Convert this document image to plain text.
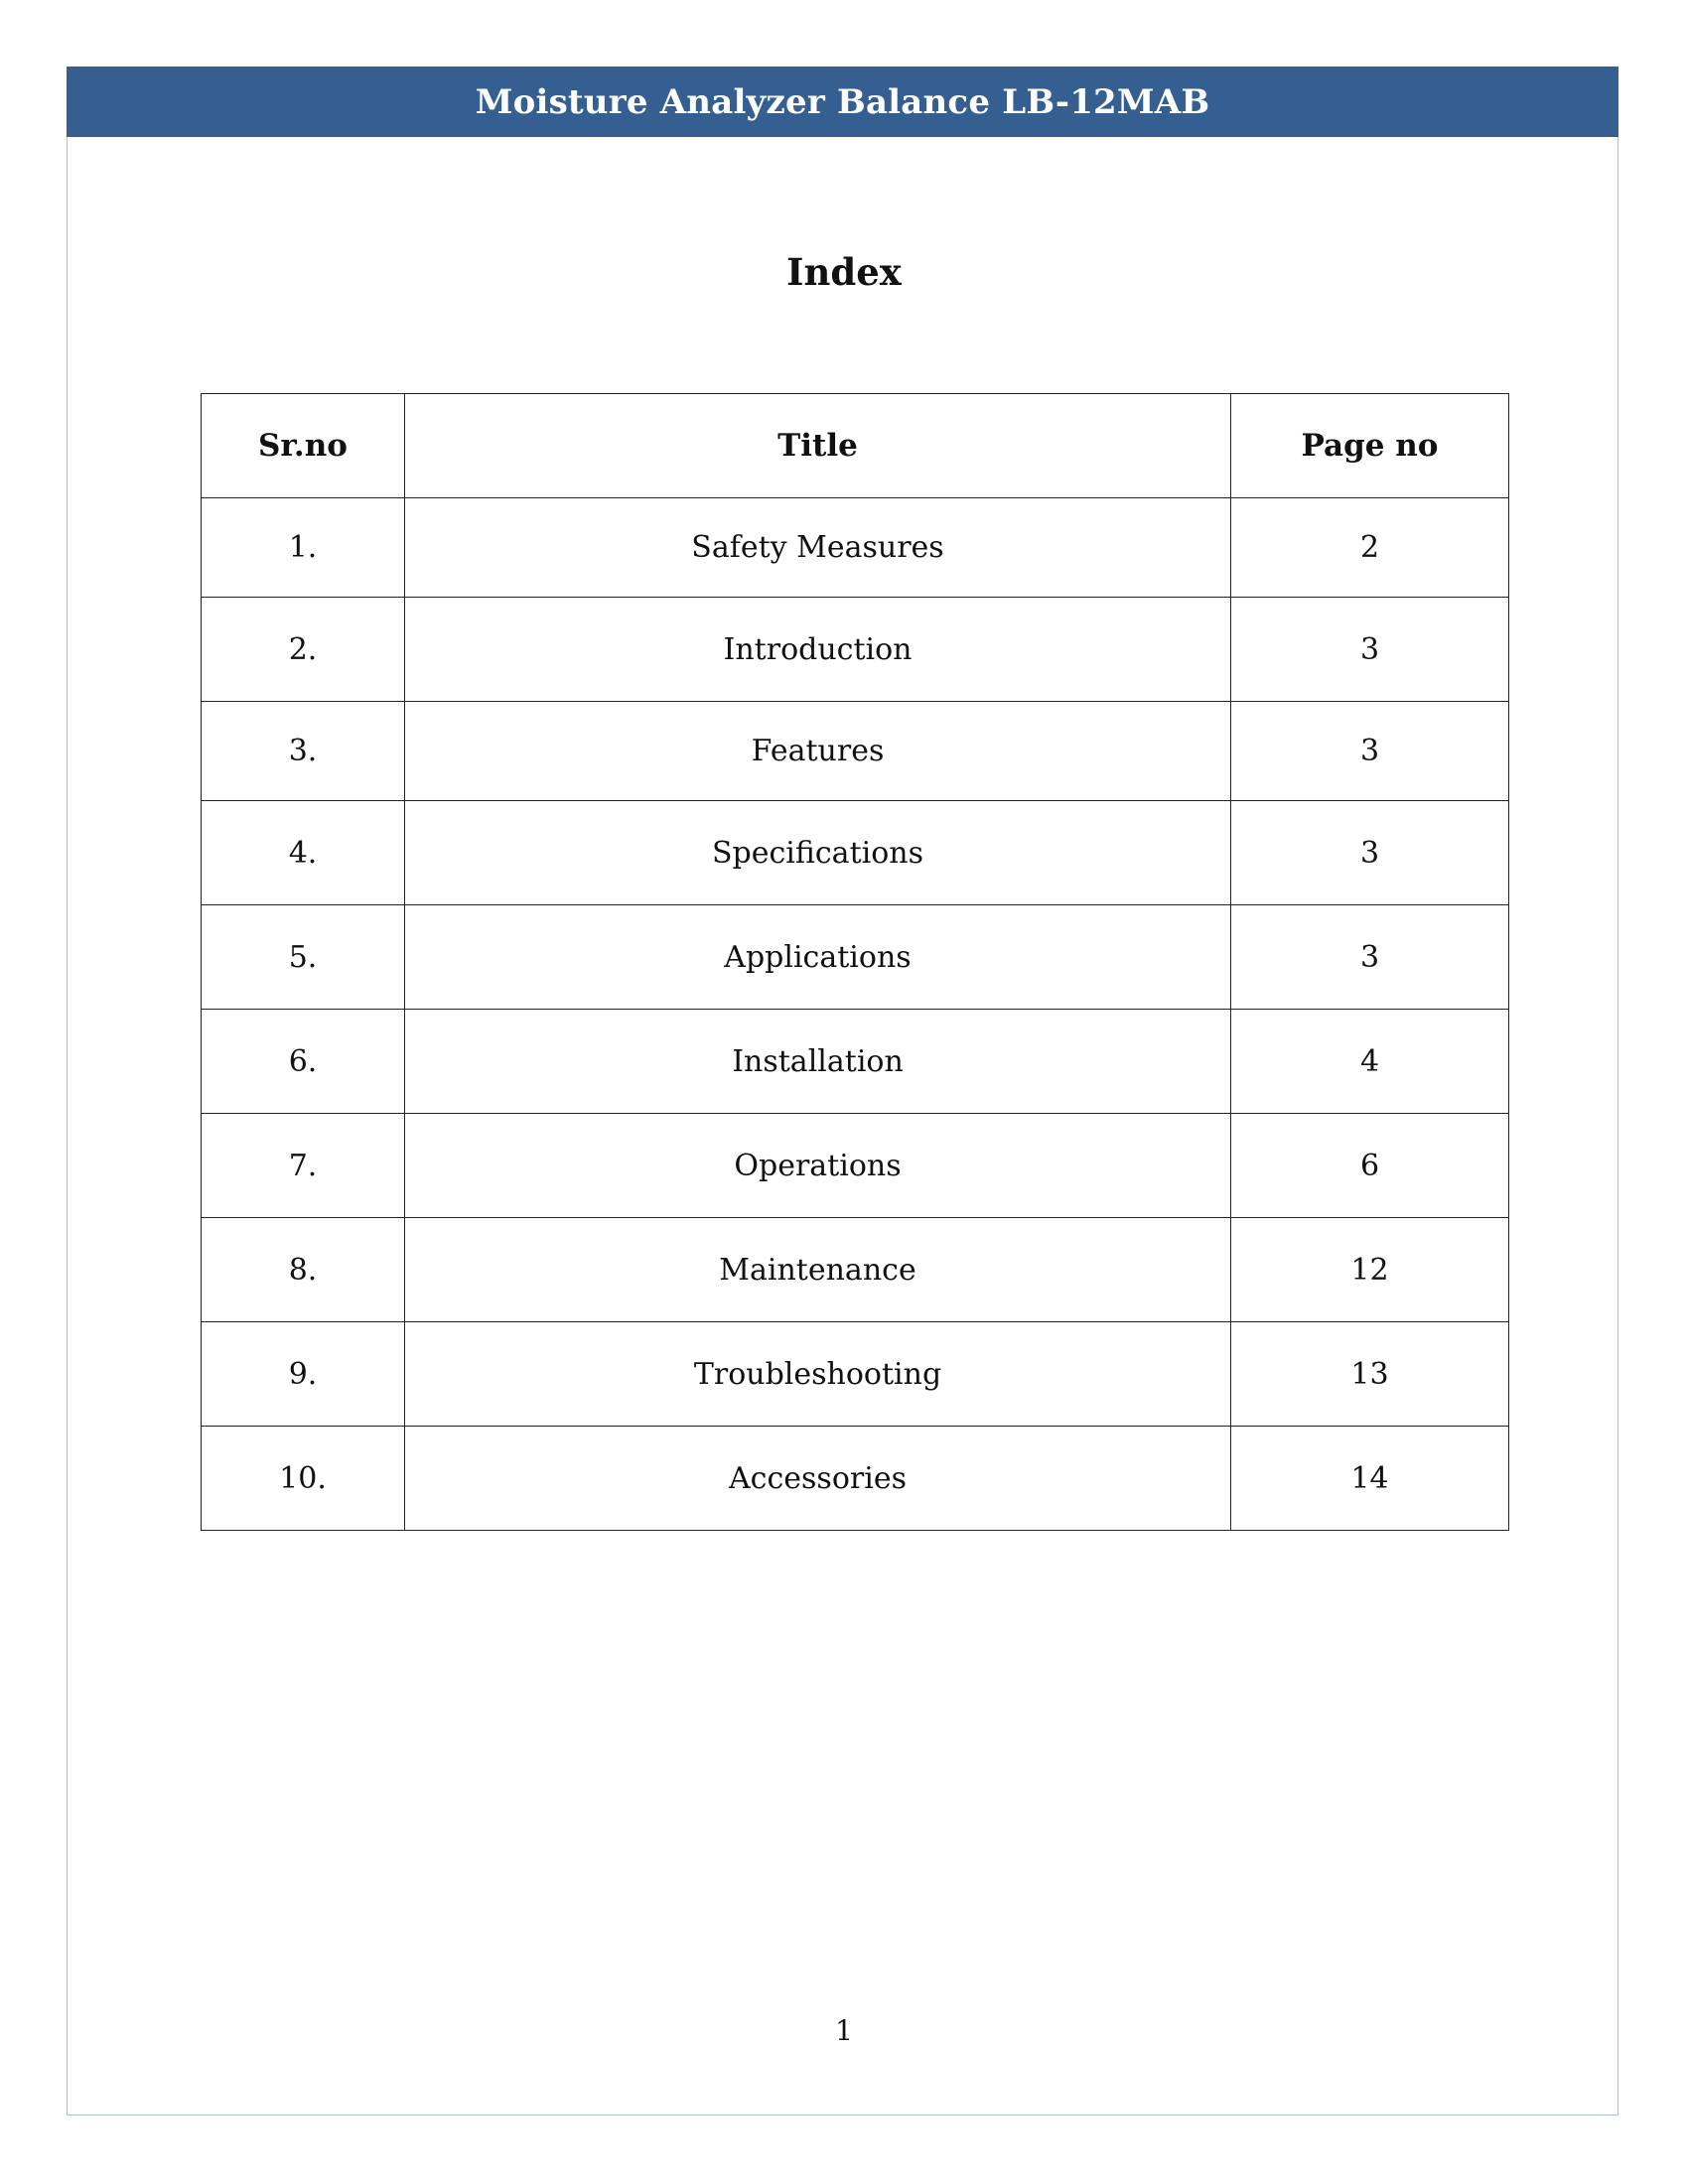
Moisture Analyzer Balance LB-12MAB
Index
Sr.no	Title	Page no
1.	Safety Measures	2
2.	Introduction	3
3.	Features	3
4.	Specifications	3
5.	Applications	3
6.	Installation	4
7.	Operations	6
8.	Maintenance	12
9.	Troubleshooting	13
10.	Accessories	14
1
